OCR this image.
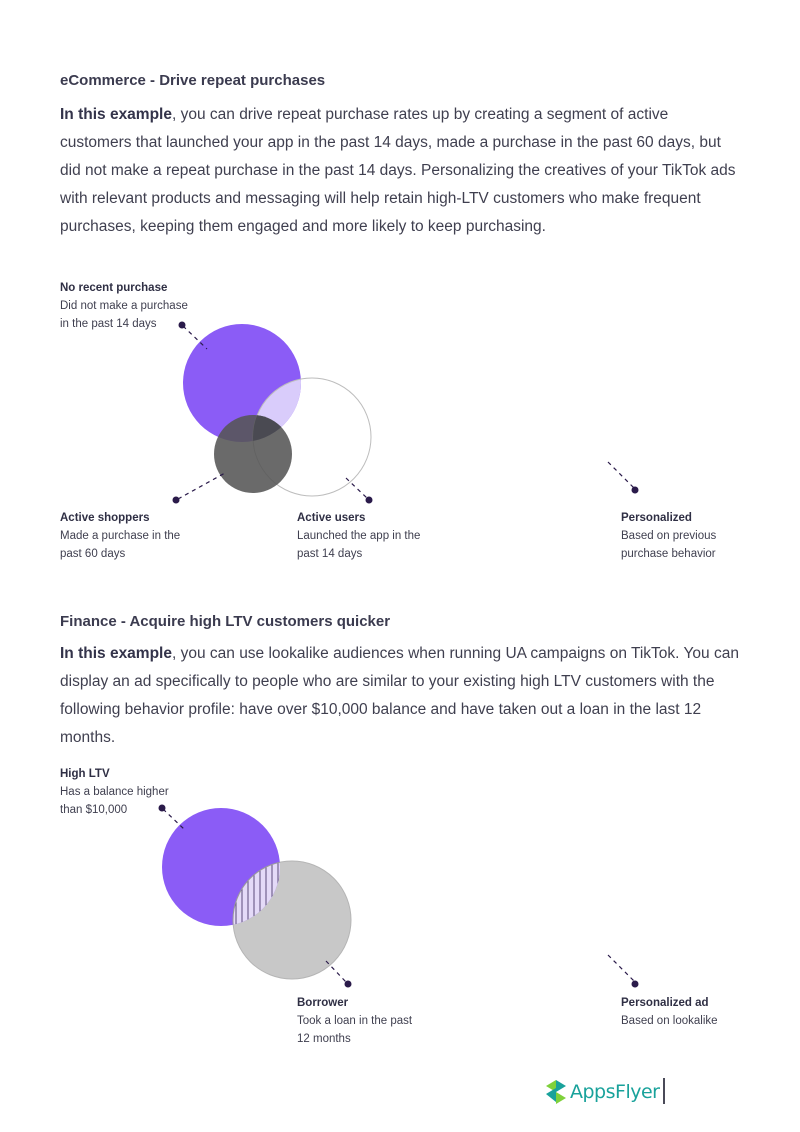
eCommerce - Drive repeat purchases

In this example, you can drive repeat purchase rates up by creating a segment of active customers that launched your app in the past 14 days, made a purchase in the past 60 days, but did not make a repeat purchase in the past 14 days. Personalizing the creatives of your TikTok ads with relevant products and messaging will help retain high-LTV customers who make frequent purchases, keeping them engaged and more likely to keep purchasing.

No recent purchase
Did not make a purchase
in the past 14 days
Active shoppers
Made a purchase in the
past 60 days
Active users
Launched the app in the
past 14 days
Personalized
Based on previous
purchase behavior
Finance - Acquire high LTV customers quicker

In this example, you can use lookalike audiences when running UA campaigns on TikTok. You can display an ad specifically to people who are similar to your existing high LTV customers with the following behavior profile: have over $10,000 balance and have taken out a loan in the last 12 months.

High LTV
Has a balance higher
than $10,000
Borrower
Took a loan in the past
12 months
Personalized ad
Based on lookalike
AppsFlyer
